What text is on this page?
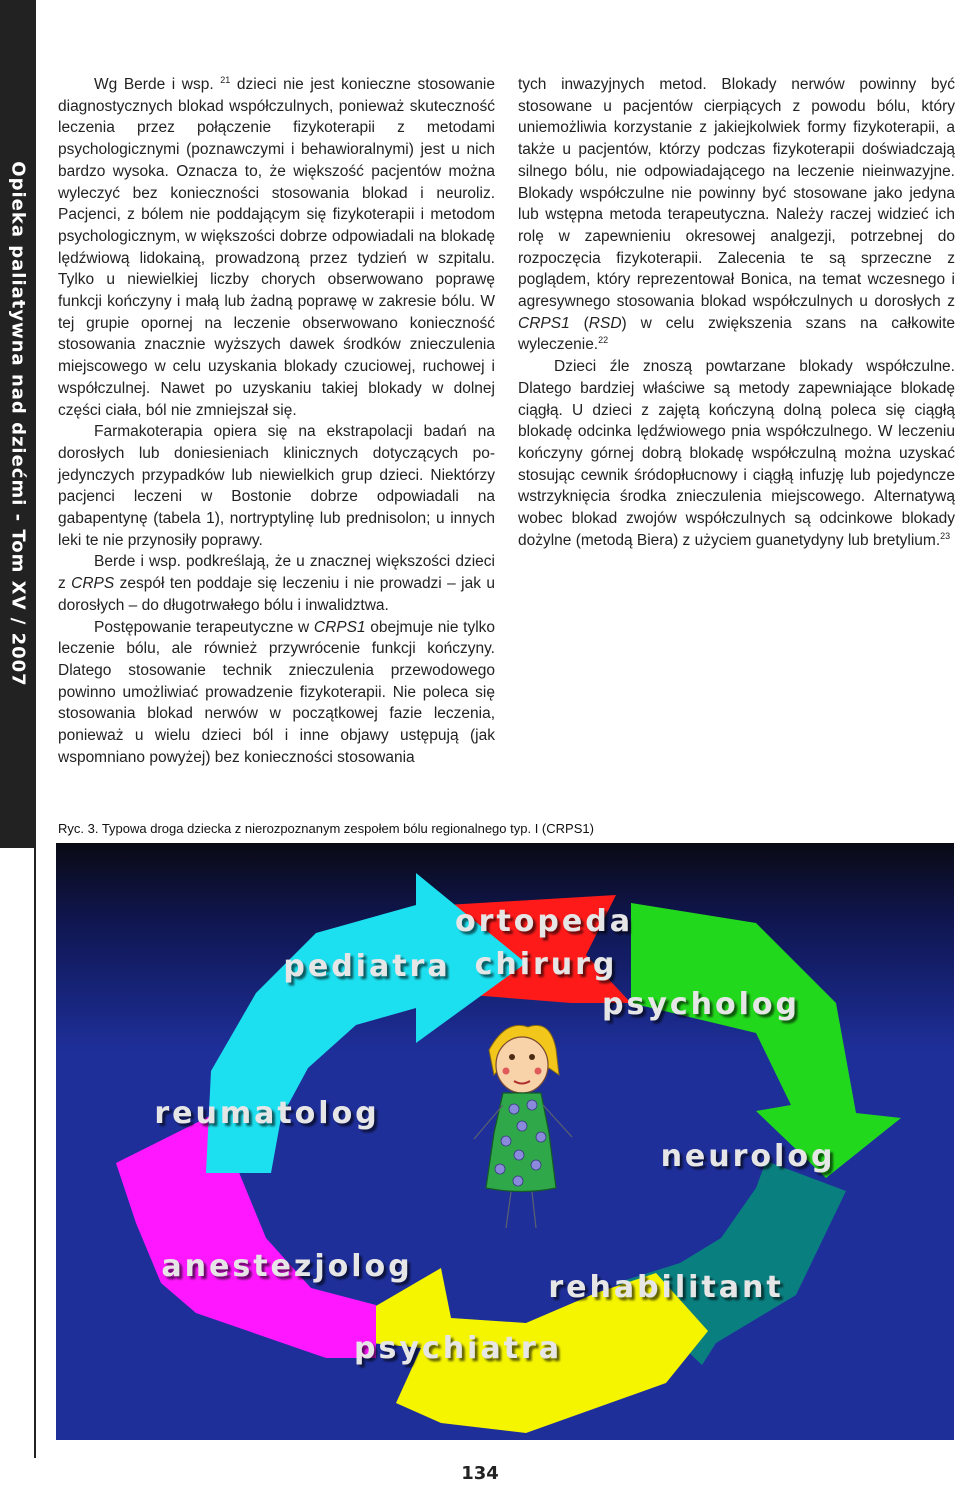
Opieka paliatywna nad dziećmi - Tom XV / 2007

Wg Berde i wsp. $^{21}$ dzieci nie jest konieczne stosowanie diagnostycznych blokad współczulnych, ponieważ skuteczność leczenia przez połączenie fizykoterapii z metodami psychologicznymi (poznawczymi i behawioralnymi) jest u nich bardzo wysoka. Oznacza to, że większość pacjentów można wyleczyć bez konieczności stosowania blokad i neuroliz. Pacjenci, z bólem nie poddającym się fizykoterapii i metodom psychologicznym, w większości dobrze odpowiadali na blokadę lędźwiową lidokainą, prowadzoną przez tydzień w szpitalu. Tylko u niewielkiej liczby chorych obserwowano poprawę funkcji kończyny i małą lub żadną poprawę w zakresie bólu. W tej grupie opornej na leczenie obserwowano konieczność stosowania znacznie wyższych dawek środków znieczulenia miejscowego w celu uzyskania blokady czuciowej, ruchowej i współczulnej. Nawet po uzyskaniu takiej blokady w dolnej części ciała, ból nie zmniejszał się.

Farmakoterapia opiera się na ekstrapolacji badań na dorosłych lub doniesieniach klinicznych dotyczących pojedynczych przypadków lub niewielkich grup dzieci. Niektórzy pacjenci leczeni w Bostonie dobrze odpowiadali na gabapentynę (tabela 1), nortryptylinę lub prednisolon; u innych leki te nie przynosiły poprawy.

Berde i wsp. podkreślają, że u znacznej większości dzieci z CRPS zespół ten poddaje się leczeniu i nie prowadzi – jak u dorosłych – do długotrwałego bólu i inwalidztwa.

Postępowanie terapeutyczne w CRPS1 obejmuje nie tylko leczenie bólu, ale również przywrócenie funkcji kończyny. Dlatego stosowanie technik znieczulenia przewodowego powinno umożliwiać prowadzenie fizykoterapii. Nie poleca się stosowania blokad nerwów w początkowej fazie leczenia, ponieważ u wielu dzieci ból i inne objawy ustępują (jak wspomniano powyżej) bez konieczności stosowania

tych inwazyjnych metod. Blokady nerwów powinny być stosowane u pacjentów cierpiących z powodu bólu, który uniemożliwia korzystanie z jakiejkolwiek formy fizykoterapii, a także u pacjentów, którzy podczas fizykoterapii doświadczają silnego bólu, nie odpowiadającego na leczenie nieinwazyjne. Blokady współczulne nie powinny być stosowane jako jedyna lub wstępna metoda terapeutyczna. Należy raczej widzieć ich rolę w zapewnieniu okresowej analgezji, potrzebnej do rozpoczęcia fizykoterapii. Zalecenia te są sprzeczne z poglądem, który reprezentował Bonica, na temat wczesnego i agresywnego stosowania blokad współczulnych u dorosłych z CRPS1 (RSD) w celu zwiększenia szans na całkowite wyleczenie.$^{22}$

Dzieci źle znoszą powtarzane blokady współczulne. Dlatego bardziej właściwe są metody zapewniające blokadę ciągłą. U dzieci z zajętą kończyną dolną poleca się ciągłą blokadę odcinka lędźwiowego pnia współczulnego. W leczeniu kończyny górnej dobrą blokadę współczulną można uzyskać stosując cewnik śródopłucnowy i ciągłą infuzję lub pojedyncze wstrzyknięcia środka znieczulenia miejscowego. Alternatywą wobec blokad zwojów współczulnych są odcinkowe blokady dożylne (metodą Biera) z użyciem guanetydyny lub bretylium.$^{23}$

Ryc. 3. Typowa droga dziecka z nierozpoznanym zespołem bólu regionalnego typ. I (CRPS1)
ortopeda
chirurg
pediatra
psycholog
reumatolog
neurolog
anestezjolog
rehabilitant
psychiatra
134
